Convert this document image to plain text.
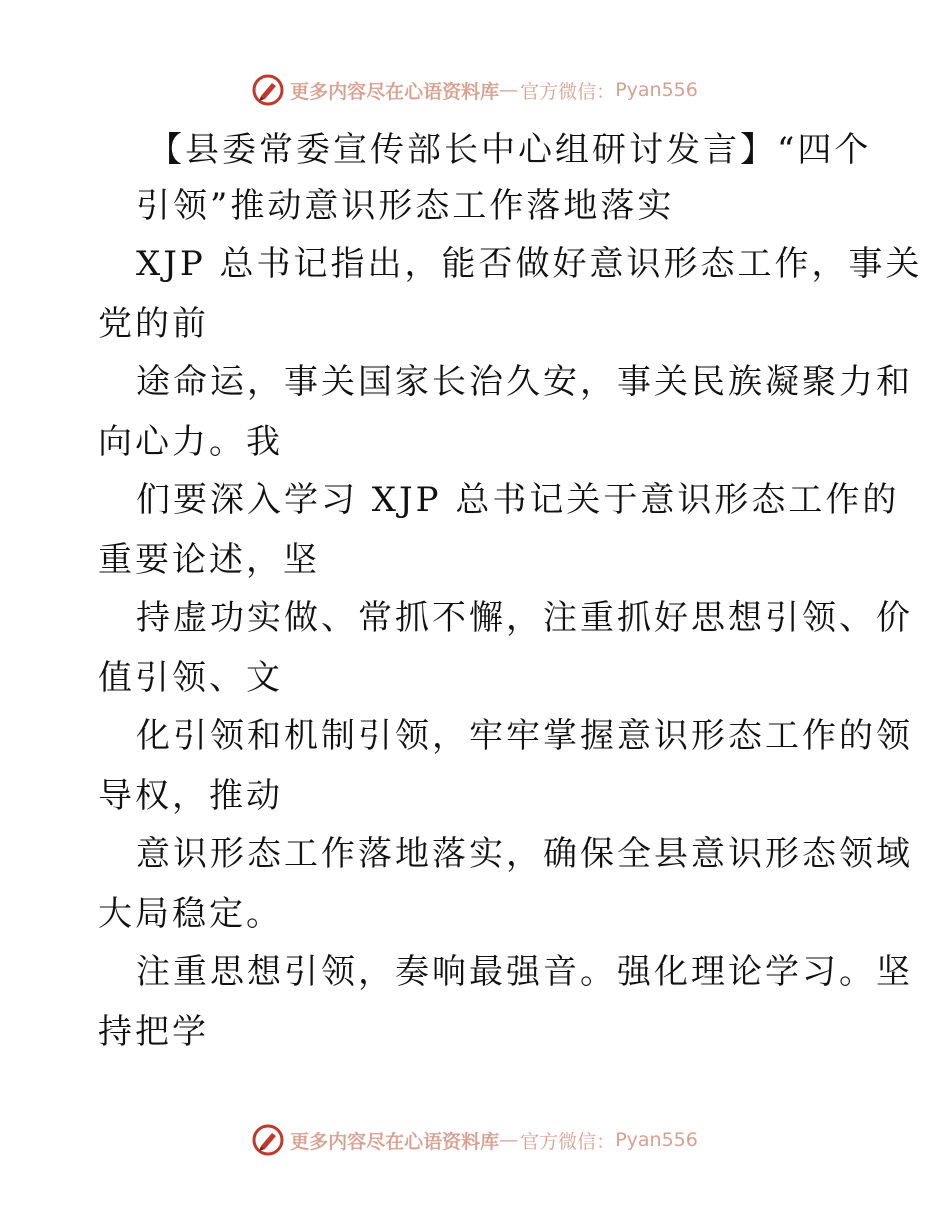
更多内容尽在心语资料库 — 官方微信： Pyan556
【县委常委宣传部长中心组研讨发言】“四个
引领”推动意识形态工作落地落实
XJP 总书记指出，能否做好意识形态工作，事关
党的前
途命运，事关国家长治久安，事关民族凝聚力和
向心力。我
们要深入学习 XJP 总书记关于意识形态工作的
重要论述，坚
持虚功实做、常抓不懈，注重抓好思想引领、价
值引领、文
化引领和机制引领，牢牢掌握意识形态工作的领
导权，推动
意识形态工作落地落实，确保全县意识形态领域
大局稳定。
注重思想引领，奏响最强音。强化理论学习。坚
持把学
更多内容尽在心语资料库 — 官方微信： Pyan556
